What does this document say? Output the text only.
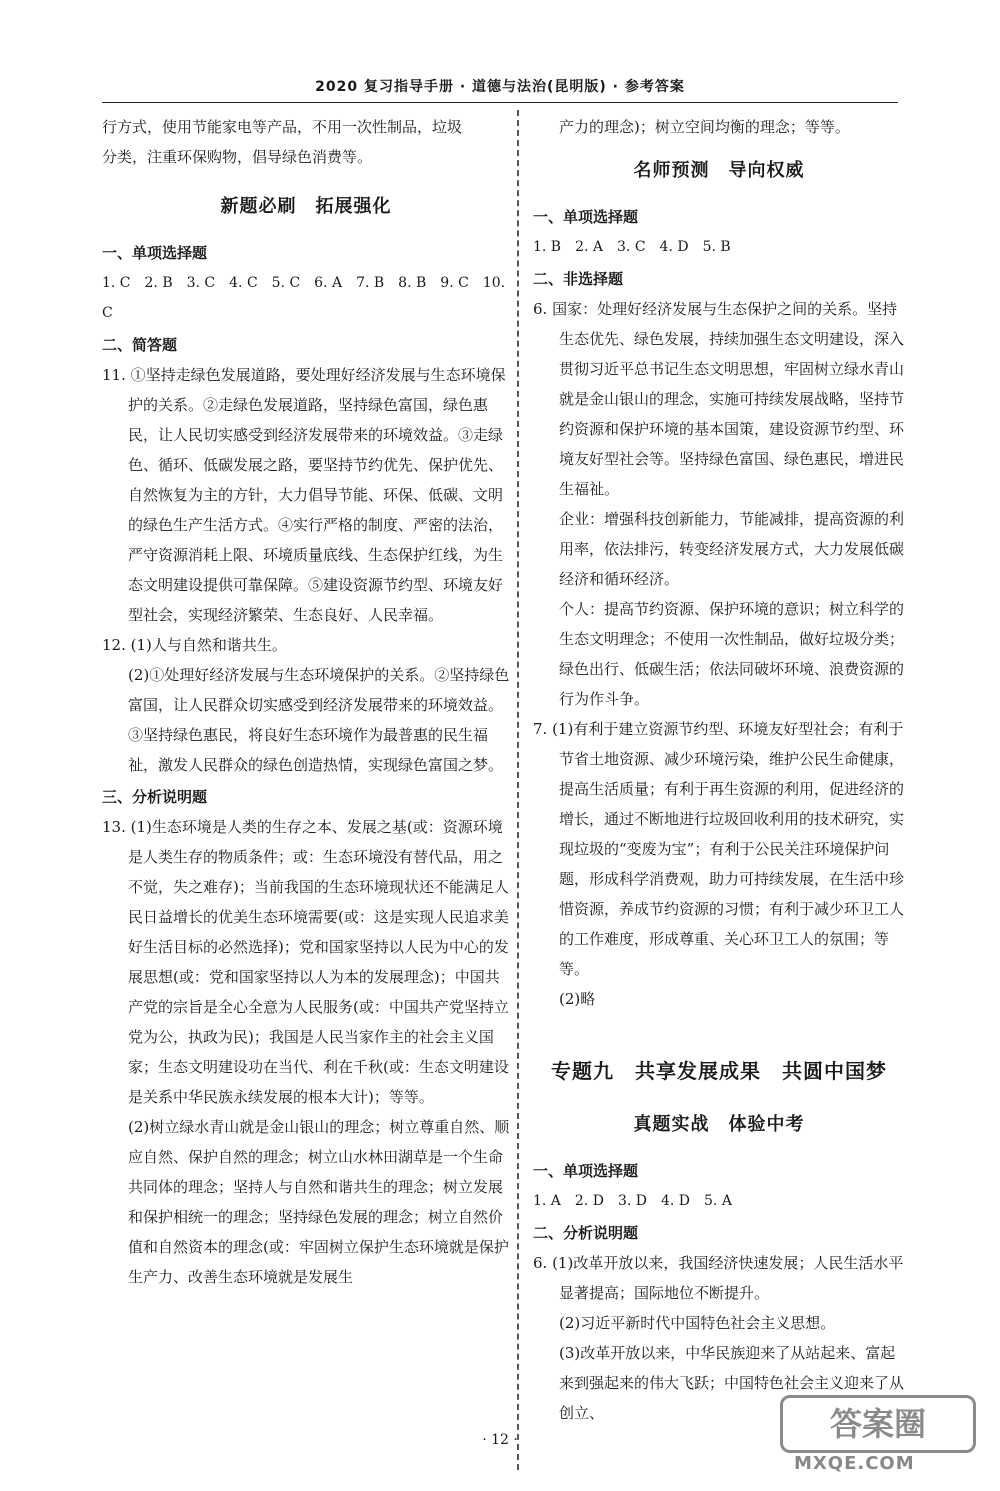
2020 复习指导手册 · 道德与法治(昆明版) · 参考答案

行方式，使用节能家电等产品，不用一次性制品，垃圾

分类，注重环保购物，倡导绿色消费等。

新题必刷　拓展强化

一、单项选择题

1. C　2. B　3. C　4. C　5. C　6. A　7. B　8. B　9. C　10. C

二、简答题

11. ①坚持走绿色发展道路，要处理好经济发展与生态环境保护的关系。②走绿色发展道路，坚持绿色富国，绿色惠民，让人民切实感受到经济发展带来的环境效益。③走绿色、循环、低碳发展之路，要坚持节约优先、保护优先、自然恢复为主的方针，大力倡导节能、环保、低碳、文明的绿色生产生活方式。④实行严格的制度、严密的法治，严守资源消耗上限、环境质量底线、生态保护红线，为生态文明建设提供可靠保障。⑤建设资源节约型、环境友好型社会，实现经济繁荣、生态良好、人民幸福。

12. (1)人与自然和谐共生。

(2)①处理好经济发展与生态环境保护的关系。②坚持绿色富国，让人民群众切实感受到经济发展带来的环境效益。③坚持绿色惠民，将良好生态环境作为最普惠的民生福祉，激发人民群众的绿色创造热情，实现绿色富国之梦。

三、分析说明题

13. (1)生态环境是人类的生存之本、发展之基(或：资源环境是人类生存的物质条件；或：生态环境没有替代品，用之不觉，失之难存)；当前我国的生态环境现状还不能满足人民日益增长的优美生态环境需要(或：这是实现人民追求美好生活目标的必然选择)；党和国家坚持以人民为中心的发展思想(或：党和国家坚持以人为本的发展理念)；中国共产党的宗旨是全心全意为人民服务(或：中国共产党坚持立党为公，执政为民)；我国是人民当家作主的社会主义国家；生态文明建设功在当代、利在千秋(或：生态文明建设是关系中华民族永续发展的根本大计)；等等。

(2)树立绿水青山就是金山银山的理念；树立尊重自然、顺应自然、保护自然的理念；树立山水林田湖草是一个生命共同体的理念；坚持人与自然和谐共生的理念；树立发展和保护相统一的理念；坚持绿色发展的理念；树立自然价值和自然资本的理念(或：牢固树立保护生态环境就是保护生产力、改善生态环境就是发展生

产力的理念)；树立空间均衡的理念；等等。

名师预测　导向权威

一、单项选择题

1. B　2. A　3. C　4. D　5. B

二、非选择题

6. 国家：处理好经济发展与生态保护之间的关系。坚持生态优先、绿色发展，持续加强生态文明建设，深入贯彻习近平总书记生态文明思想，牢固树立绿水青山就是金山银山的理念，实施可持续发展战略，坚持节约资源和保护环境的基本国策，建设资源节约型、环境友好型社会等。坚持绿色富国、绿色惠民，增进民生福祉。

企业：增强科技创新能力，节能减排，提高资源的利用率，依法排污，转变经济发展方式，大力发展低碳经济和循环经济。

个人：提高节约资源、保护环境的意识；树立科学的生态文明理念；不使用一次性制品，做好垃圾分类；绿色出行、低碳生活；依法同破坏环境、浪费资源的行为作斗争。

7. (1)有利于建立资源节约型、环境友好型社会；有利于节省土地资源、减少环境污染，维护公民生命健康，提高生活质量；有利于再生资源的利用，促进经济的增长，通过不断地进行垃圾回收利用的技术研究，实现垃圾的“变废为宝”；有利于公民关注环境保护问题，形成科学消费观，助力可持续发展，在生活中珍惜资源，养成节约资源的习惯；有利于减少环卫工人的工作难度，形成尊重、关心环卫工人的氛围；等等。

(2)略

专题九　共享发展成果　共圆中国梦
真题实战　体验中考

一、单项选择题

1. A　2. D　3. D　4. D　5. A

二、分析说明题

6. (1)改革开放以来，我国经济快速发展；人民生活水平显著提高；国际地位不断提升。

(2)习近平新时代中国特色社会主义思想。

(3)改革开放以来，中华民族迎来了从站起来、富起来到强起来的伟大飞跃；中国特色社会主义迎来了从创立、

· 12 ·	答案圈
MXQE.COM
